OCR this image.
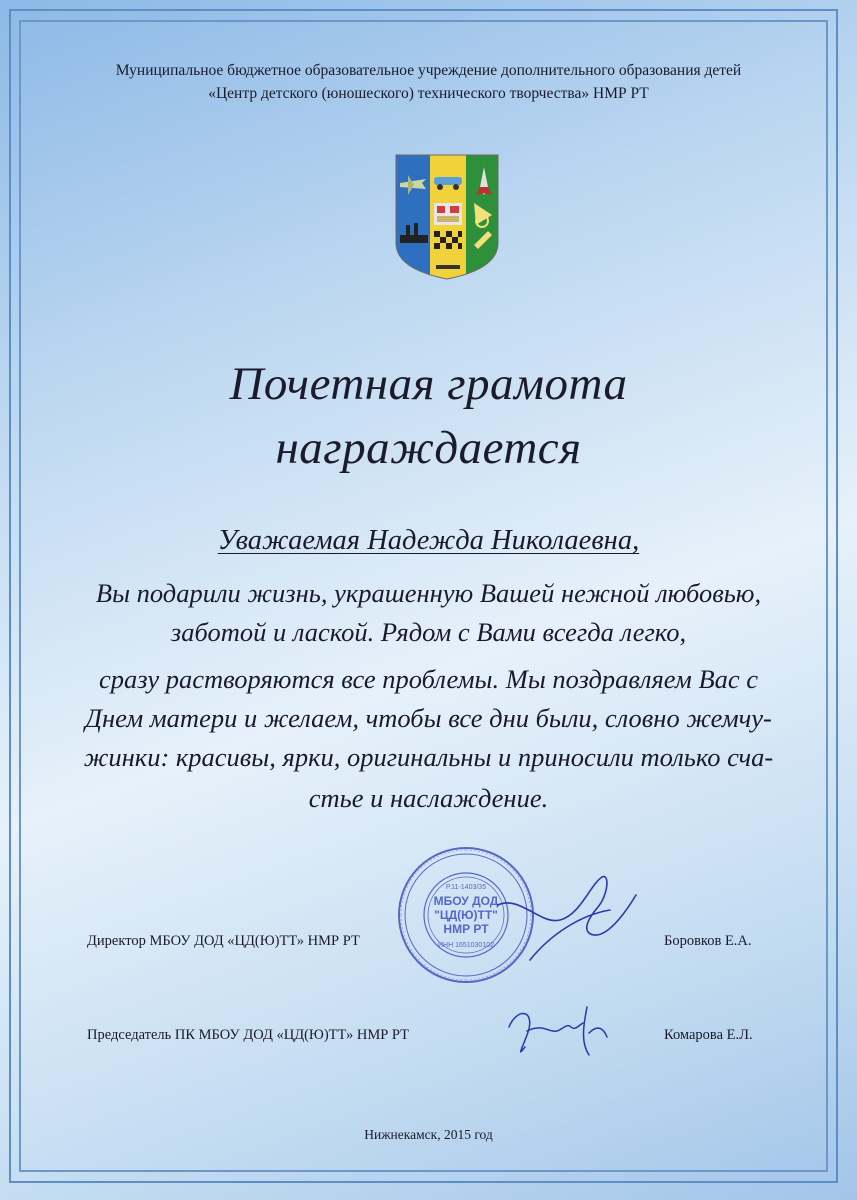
Муниципальное бюджетное образовательное учреждение дополнительного образования детей
«Центр детского (юношеского) технического творчества» НМР РТ
Почетная грамота
награждается
Уважаемая Надежда Николаевна,
Вы подарили жизнь, украшенную Вашей нежной любовью,
заботой и лаской. Рядом с Вами всегда легко,
сразу растворяются все проблемы. Мы поздравляем Вас с
Днем матери и желаем, чтобы все дни были, словно жемчу-
жинки: красивы, ярки, оригинальны и приносили только сча-
стье и наслаждение.
Р.11-1403/35
МБОУ ДОД
"ЦД(Ю)ТТ"
НМР РТ
ИНН 1651030102
Директор МБОУ ДОД «ЦД(Ю)ТТ» НМР РТ	Боровков Е.А.
Председатель ПК МБОУ ДОД «ЦД(Ю)ТТ» НМР РТ	Комарова Е.Л.
Нижнекамск, 2015 год
